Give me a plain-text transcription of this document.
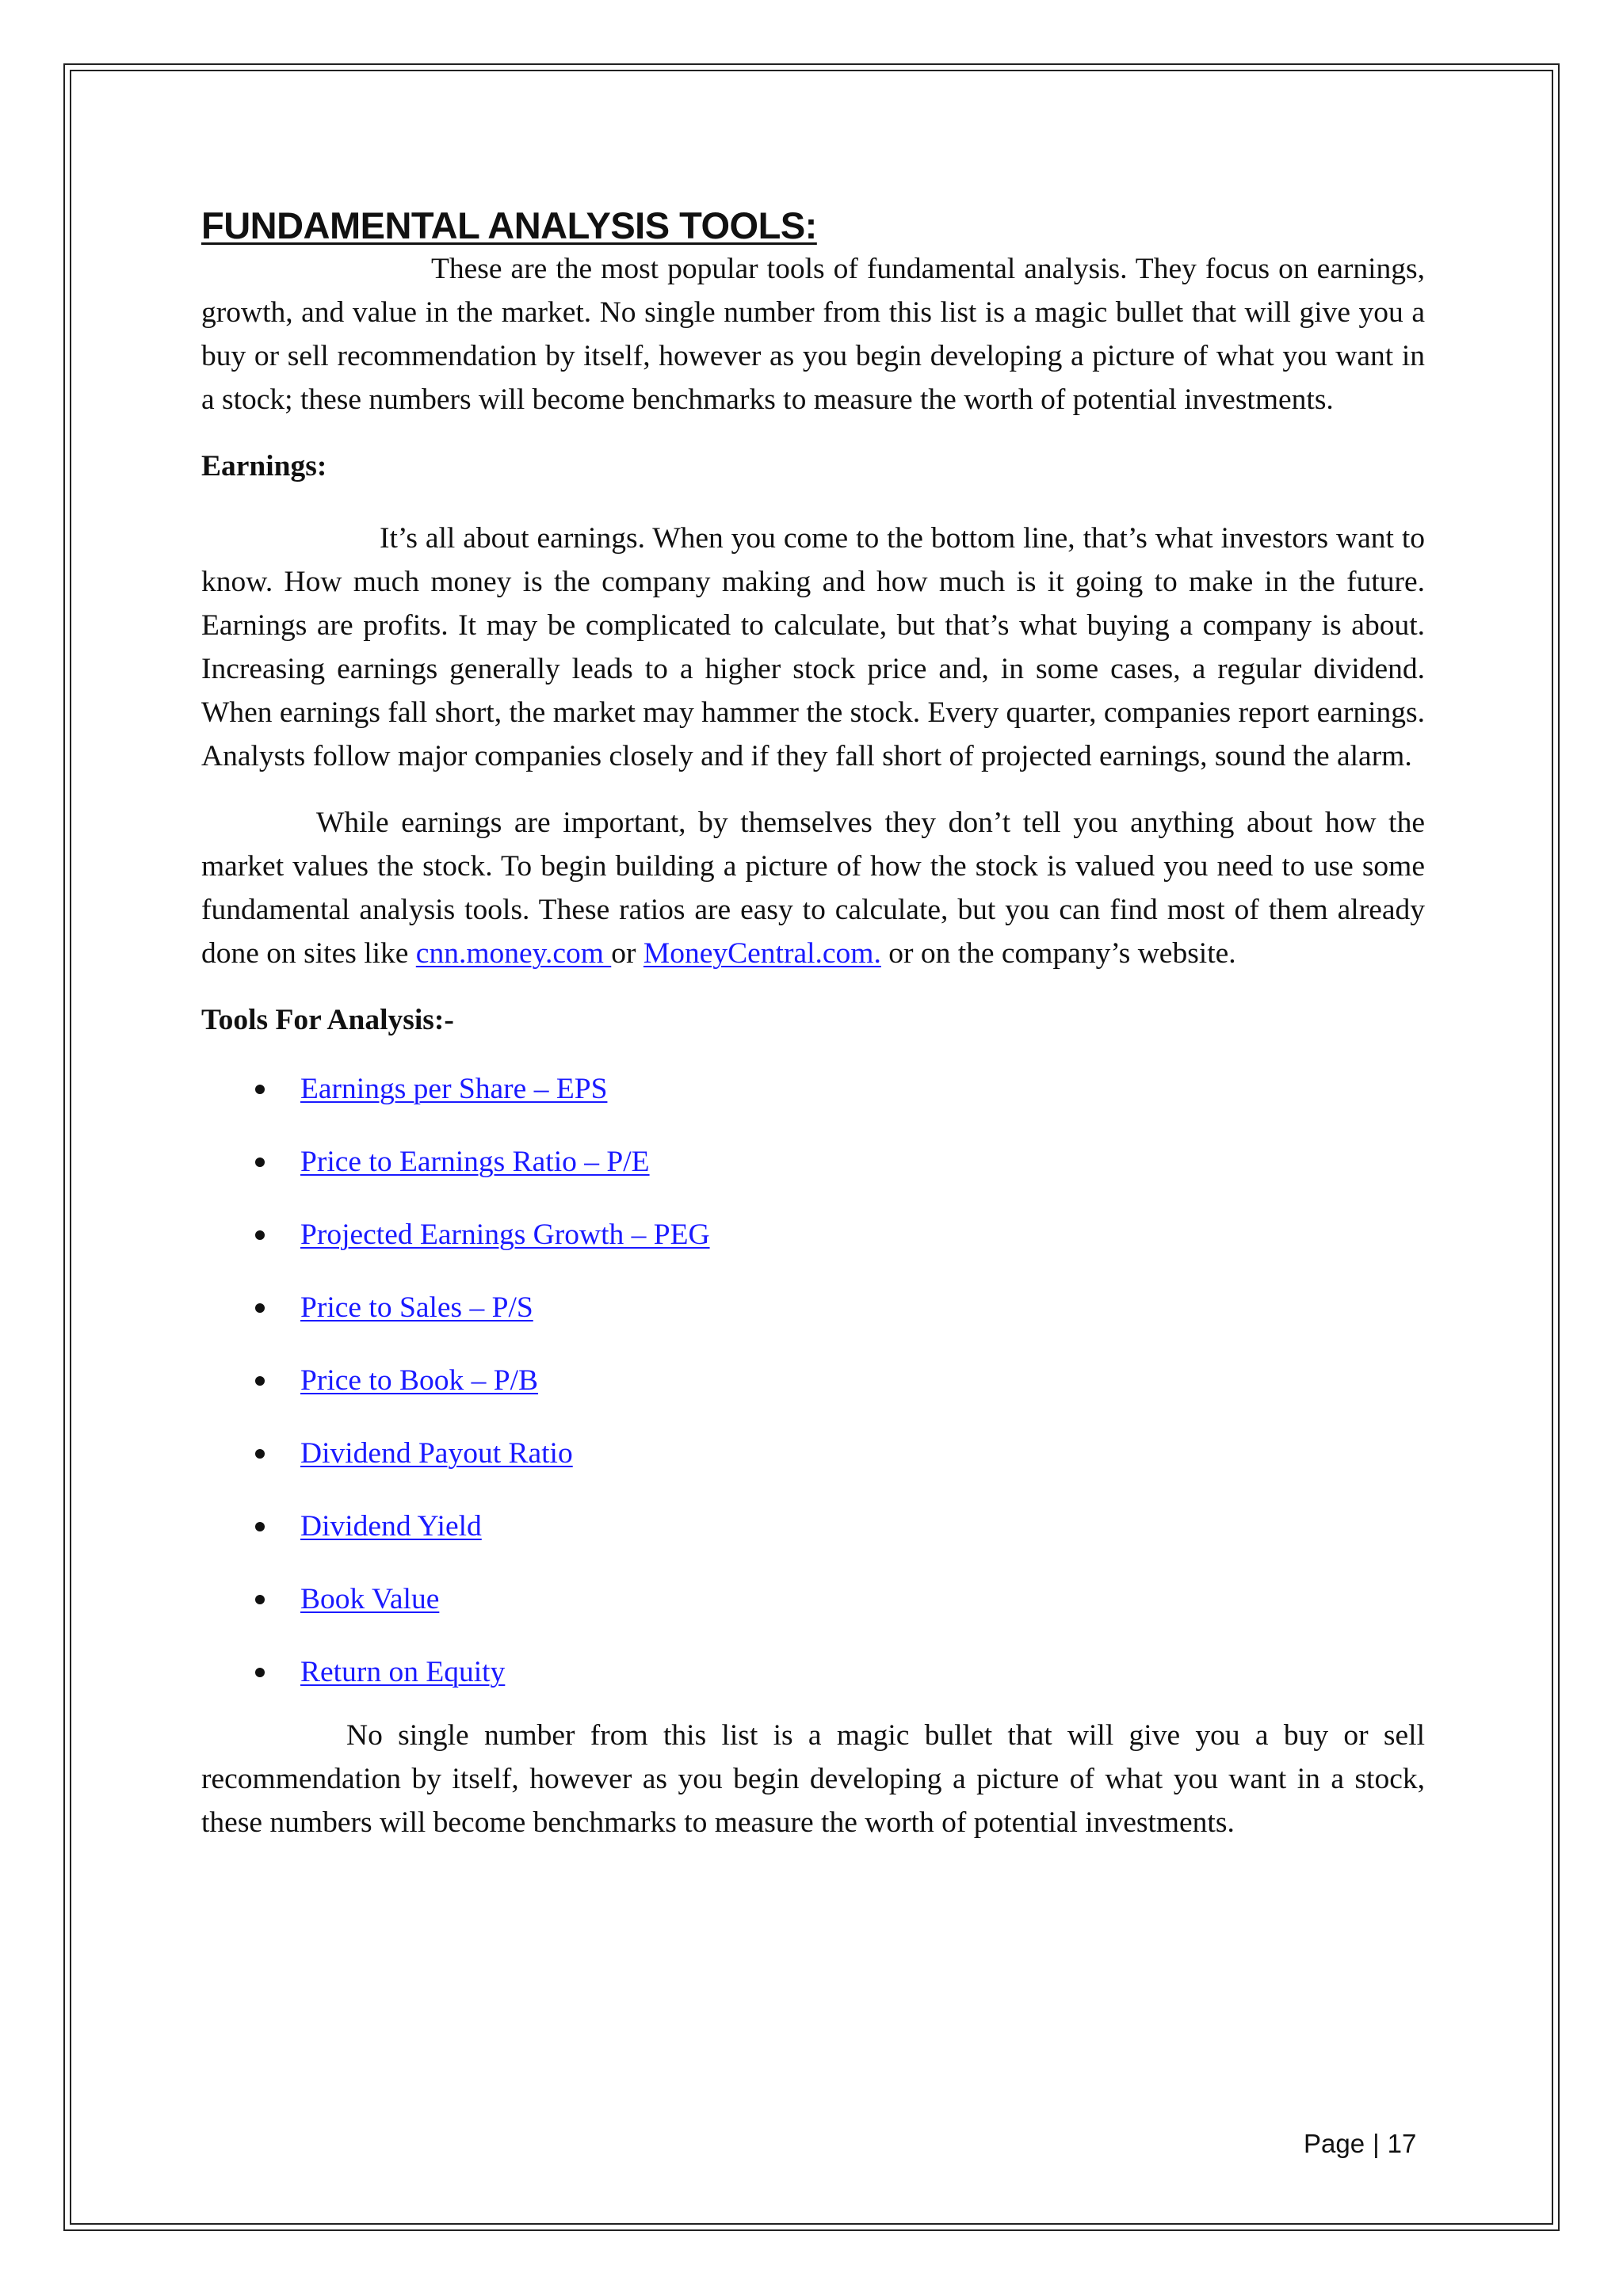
FUNDAMENTAL ANALYSIS TOOLS:

These are the most popular tools of fundamental analysis. They focus on earnings, growth, and value in the market. No single number from this list is a magic bullet that will give you a buy or sell recommendation by itself, however as you begin developing a picture of what you want in a stock; these numbers will become benchmarks to measure the worth of potential investments.

Earnings:

It’s all about earnings. When you come to the bottom line, that’s what investors want to know. How much money is the company making and how much is it going to make in the future. Earnings are profits. It may be complicated to calculate, but that’s what buying a company is about. Increasing earnings generally leads to a higher stock price and, in some cases, a regular dividend. When earnings fall short, the market may hammer the stock. Every quarter, companies report earnings. Analysts follow major companies closely and if they fall short of projected earnings, sound the alarm.

While earnings are important, by themselves they don’t tell you anything about how the market values the stock. To begin building a picture of how the stock is valued you need to use some fundamental analysis tools. These ratios are easy to calculate, but you can find most of them already done on sites like cnn.money.com or MoneyCentral.com. or on the company’s website.

Tools For Analysis:-

Earnings per Share – EPS
Price to Earnings Ratio – P/E
Projected Earnings Growth – PEG
Price to Sales – P/S
Price to Book – P/B
Dividend Payout Ratio
Dividend Yield
Book Value
Return on Equity

No single number from this list is a magic bullet that will give you a buy or sell recommendation by itself, however as you begin developing a picture of what you want in a stock, these numbers will become benchmarks to measure the worth of potential investments.

Page | 17
